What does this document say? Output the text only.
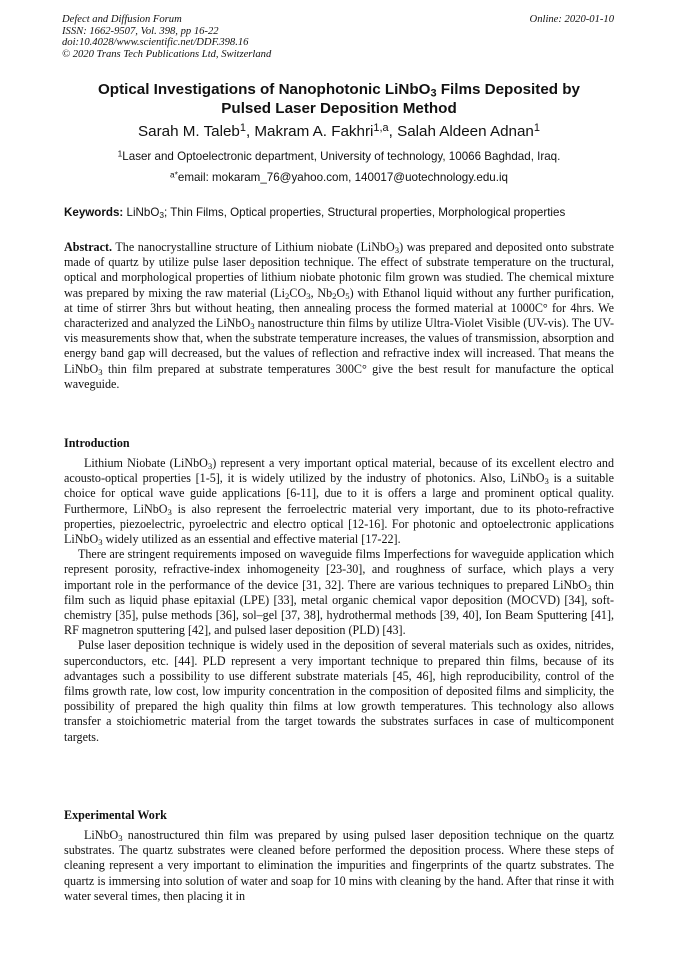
Defect and Diffusion Forum
ISSN: 1662-9507, Vol. 398, pp 16-22
doi:10.4028/www.scientific.net/DDF.398.16
© 2020 Trans Tech Publications Ltd, Switzerland
Online: 2020-01-10
Optical Investigations of Nanophotonic LiNbO$_3$ Films Deposited by
Pulsed Laser Deposition Method
Sarah M. Taleb$^1$, Makram A. Fakhri$^{1,a}$, Salah Aldeen Adnan$^1$
$^1$Laser and Optoelectronic department, University of technology, 10066 Baghdad, Iraq.
$^{a*}$email: mokaram_76@yahoo.com, 140017@uotechnology.edu.iq
Keywords: LiNbO$_3$; Thin Films, Optical properties, Structural properties, Morphological properties
Abstract. The nanocrystalline structure of Lithium niobate (LiNbO$_3$) was prepared and deposited onto substrate made of quartz by utilize pulse laser deposition technique. The effect of substrate temperature on the tructural, optical and morphological properties of lithium niobate photonic film grown was studied. The chemical mixture was prepared by mixing the raw material ($Li_2CO_3$, $Nb_2O_5$) with Ethanol liquid without any further purification, at time of stirrer 3hrs but without heating, then annealing process the formed material at 1000C° for 4hrs. We characterized and analyzed the LiNbO$_3$ nanostructure thin films by utilize Ultra-Violet Visible (UV-vis). The UV-vis measurements show that, when the substrate temperature increases, the values of transmission, absorption and energy band gap will decreased, but the values of reflection and refractive index will increased. That means the LiNbO$_3$ thin film prepared at substrate temperatures 300C° give the best result for manufacture the optical waveguide.
Introduction

Lithium Niobate (LiNbO$_3$) represent a very important optical material, because of its excellent electro and acousto-optical properties [1-5], it is widely utilized by the industry of photonics. Also, LiNbO$_3$ is a suitable choice for optical wave guide applications [6-11], due to it is offers a large and prominent optical quality. Furthermore, LiNbO$_3$ is also represent the ferroelectric material very important, due to its photo-refractive properties, piezoelectric, pyroelectric and electro optical [12-16]. For photonic and optoelectronic applications LiNbO$_3$ widely utilized as an essential and effective material [17-22].

There are stringent requirements imposed on waveguide films Imperfections for waveguide application which represent porosity, refractive-index inhomogeneity [23-30], and roughness of surface, which plays a very important role in the performance of the device [31, 32]. There are various techniques to prepared LiNbO$_3$ thin film such as liquid phase epitaxial (LPE) [33], metal organic chemical vapor deposition (MOCVD) [34], soft- chemistry [35], pulse methods [36], sol–gel [37, 38], hydrothermal methods [39, 40], Ion Beam Sputtering [41], RF magnetron sputtering [42], and pulsed laser deposition (PLD) [43].

Pulse laser deposition technique is widely used in the deposition of several materials such as oxides, nitrides, superconductors, etc. [44]. PLD represent a very important technique to prepared thin films, because of its advantages such a possibility to use different substrate materials [45, 46], high reproducibility, control of the films growth rate, low cost, low impurity concentration in the composition of deposited films and simplicity, the possibility of prepared the high quality thin films at low growth temperatures. This technology also allows transfer a stoichiometric material from the target towards the substrates surfaces in case of multicomponent targets.

Experimental Work

LiNbO$_3$ nanostructured thin film was prepared by using pulsed laser deposition technique on the quartz substrates. The quartz substrates were cleaned before performed the deposition process. Where these steps of cleaning represent a very important to elimination the impurities and fingerprints of the quartz substrates. The quartz is immersing into solution of water and soap for 10 mins with cleaning by the hand. After that rinse it with water several times, then placing it in
